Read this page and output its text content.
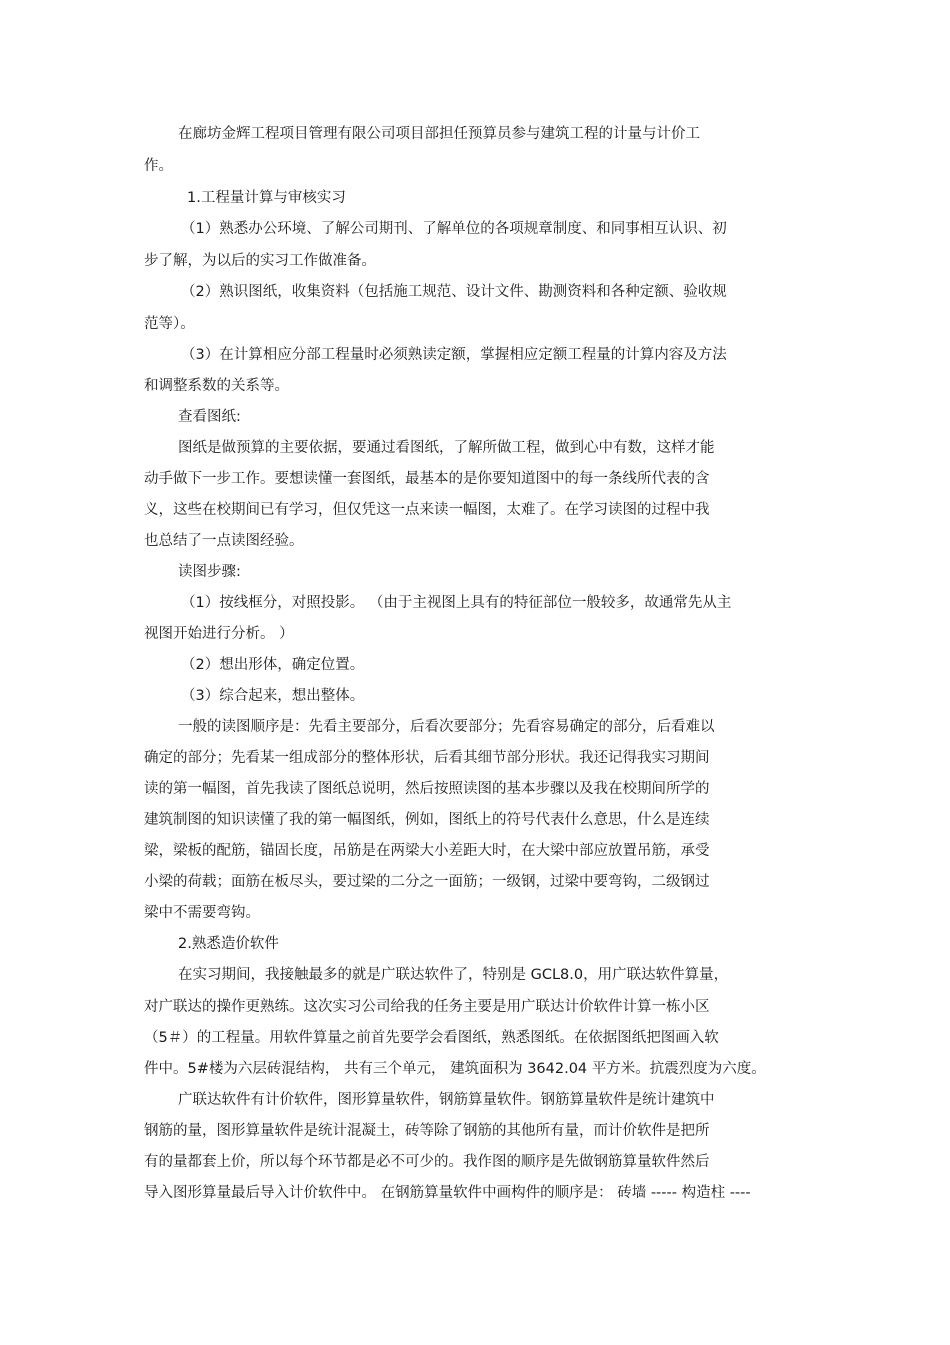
在廊坊金辉工程项目管理有限公司项目部担任预算员参与建筑工程的计量与计价工
作。
1.工程量计算与审核实习
（1）熟悉办公环境、了解公司期刊、了解单位的各项规章制度、和同事相互认识、初
步了解，为以后的实习工作做准备。
（2）熟识图纸，收集资料（包括施工规范、设计文件、勘测资料和各种定额、验收规
范等）。
（3）在计算相应分部工程量时必须熟读定额，掌握相应定额工程量的计算内容及方法
和调整系数的关系等。
查看图纸:
图纸是做预算的主要依据，要通过看图纸，了解所做工程，做到心中有数，这样才能
动手做下一步工作。要想读懂一套图纸，最基本的是你要知道图中的每一条线所代表的含
义，这些在校期间已有学习，但仅凭这一点来读一幅图，太难了。在学习读图的过程中我
也总结了一点读图经验。
读图步骤:
（1）按线框分，对照投影。 （由于主视图上具有的特征部位一般较多，故通常先从主
视图开始进行分析。 ）
（2）想出形体，确定位置。
（3）综合起来，想出整体。
一般的读图顺序是：先看主要部分，后看次要部分；先看容易确定的部分，后看难以
确定的部分；先看某一组成部分的整体形状，后看其细节部分形状。我还记得我实习期间
读的第一幅图，首先我读了图纸总说明，然后按照读图的基本步骤以及我在校期间所学的
建筑制图的知识读懂了我的第一幅图纸，例如，图纸上的符号代表什么意思，什么是连续
梁，梁板的配筋，锚固长度，吊筋是在两梁大小差距大时，在大梁中部应放置吊筋，承受
小梁的荷载；面筋在板尽头，要过梁的二分之一面筋；一级钢，过梁中要弯钩，二级钢过
梁中不需要弯钩。
2.熟悉造价软件
在实习期间，我接触最多的就是广联达软件了，特别是 GCL8.0，用广联达软件算量，
对广联达的操作更熟练。这次实习公司给我的任务主要是用广联达计价软件计算一栋小区
（5＃）的工程量。用软件算量之前首先要学会看图纸，熟悉图纸。在依据图纸把图画入软
件中。5#楼为六层砖混结构， 共有三个单元， 建筑面积为 3642.04 平方米。抗震烈度为六度。
广联达软件有计价软件，图形算量软件，钢筋算量软件。钢筋算量软件是统计建筑中
钢筋的量，图形算量软件是统计混凝土，砖等除了钢筋的其他所有量，而计价软件是把所
有的量都套上价，所以每个环节都是必不可少的。我作图的顺序是先做钢筋算量软件然后
导入图形算量最后导入计价软件中。 在钢筋算量软件中画构件的顺序是： 砖墙 ----- 构造柱 ----
